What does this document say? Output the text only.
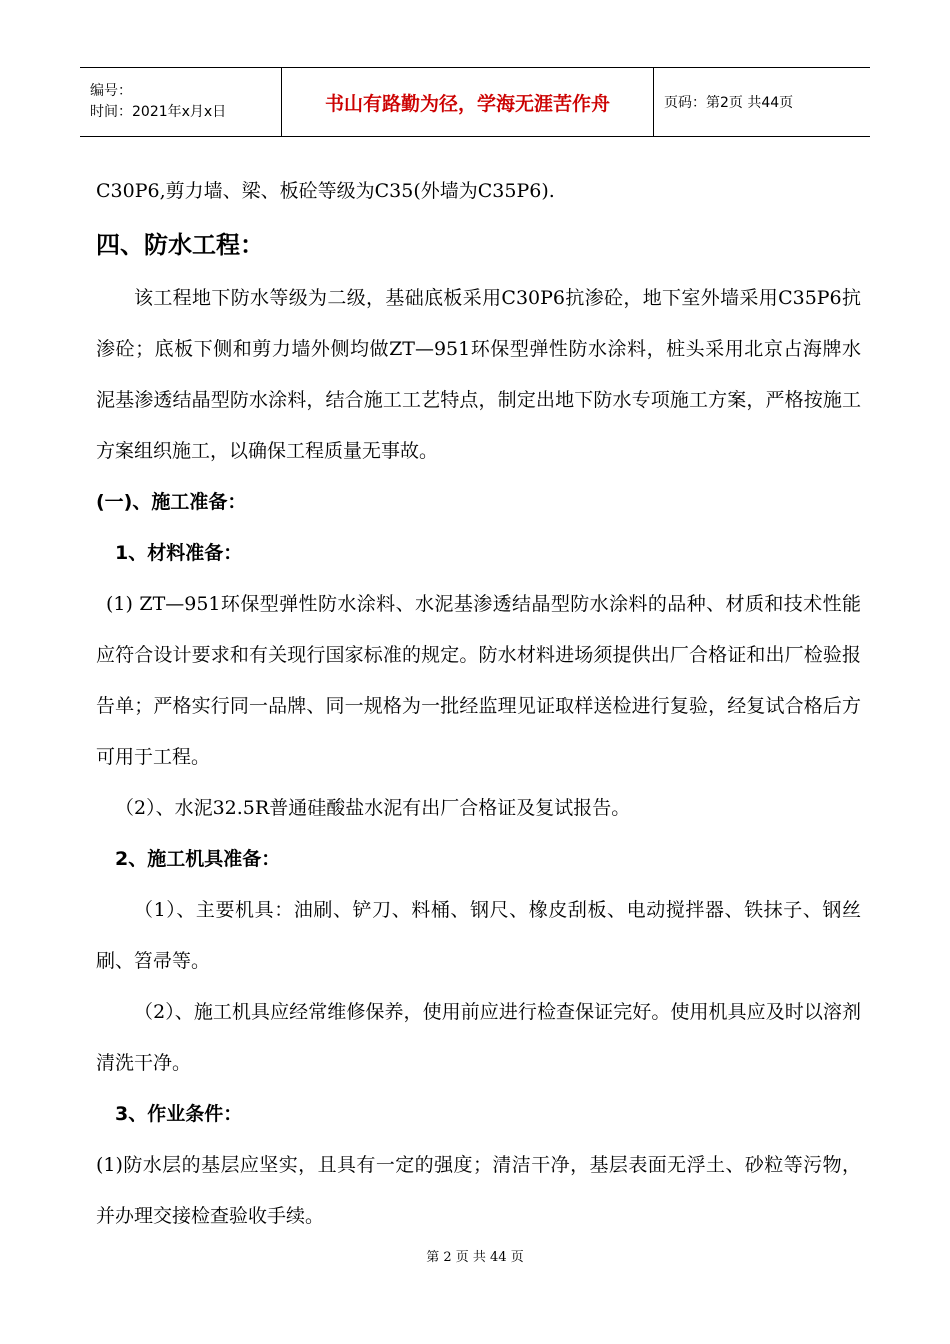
编号：
时间：2021年x月x日	书山有路勤为径，学海无涯苦作舟	页码：第2页 共44页

C30P6,剪力墙、梁、板砼等级为C35(外墙为C35P6).

四、防水工程：

该工程地下防水等级为二级，基础底板采用C30P6抗渗砼，地下室外墙采用C35P6抗渗砼；底板下侧和剪力墙外侧均做ZT—951环保型弹性防水涂料，桩头采用北京占海牌水泥基渗透结晶型防水涂料，结合施工工艺特点，制定出地下防水专项施工方案，严格按施工方案组织施工，以确保工程质量无事故。

(一)、施工准备：
1、材料准备：

(1) ZT—951环保型弹性防水涂料、水泥基渗透结晶型防水涂料的品种、材质和技术性能应符合设计要求和有关现行国家标准的规定。防水材料进场须提供出厂合格证和出厂检验报告单；严格实行同一品牌、同一规格为一批经监理见证取样送检进行复验，经复试合格后方可用于工程。

（2）、水泥32.5R普通硅酸盐水泥有出厂合格证及复试报告。

2、施工机具准备：

（1）、主要机具：油刷、铲刀、料桶、钢尺、橡皮刮板、电动搅拌器、铁抹子、钢丝刷、笤帚等。

（2）、施工机具应经常维修保养，使用前应进行检查保证完好。使用机具应及时以溶剂清洗干净。

3、作业条件：

(1)防水层的基层应坚实，且具有一定的强度；清洁干净，基层表面无浮土、砂粒等污物，并办理交接检查验收手续。

第 2 页 共 44 页
